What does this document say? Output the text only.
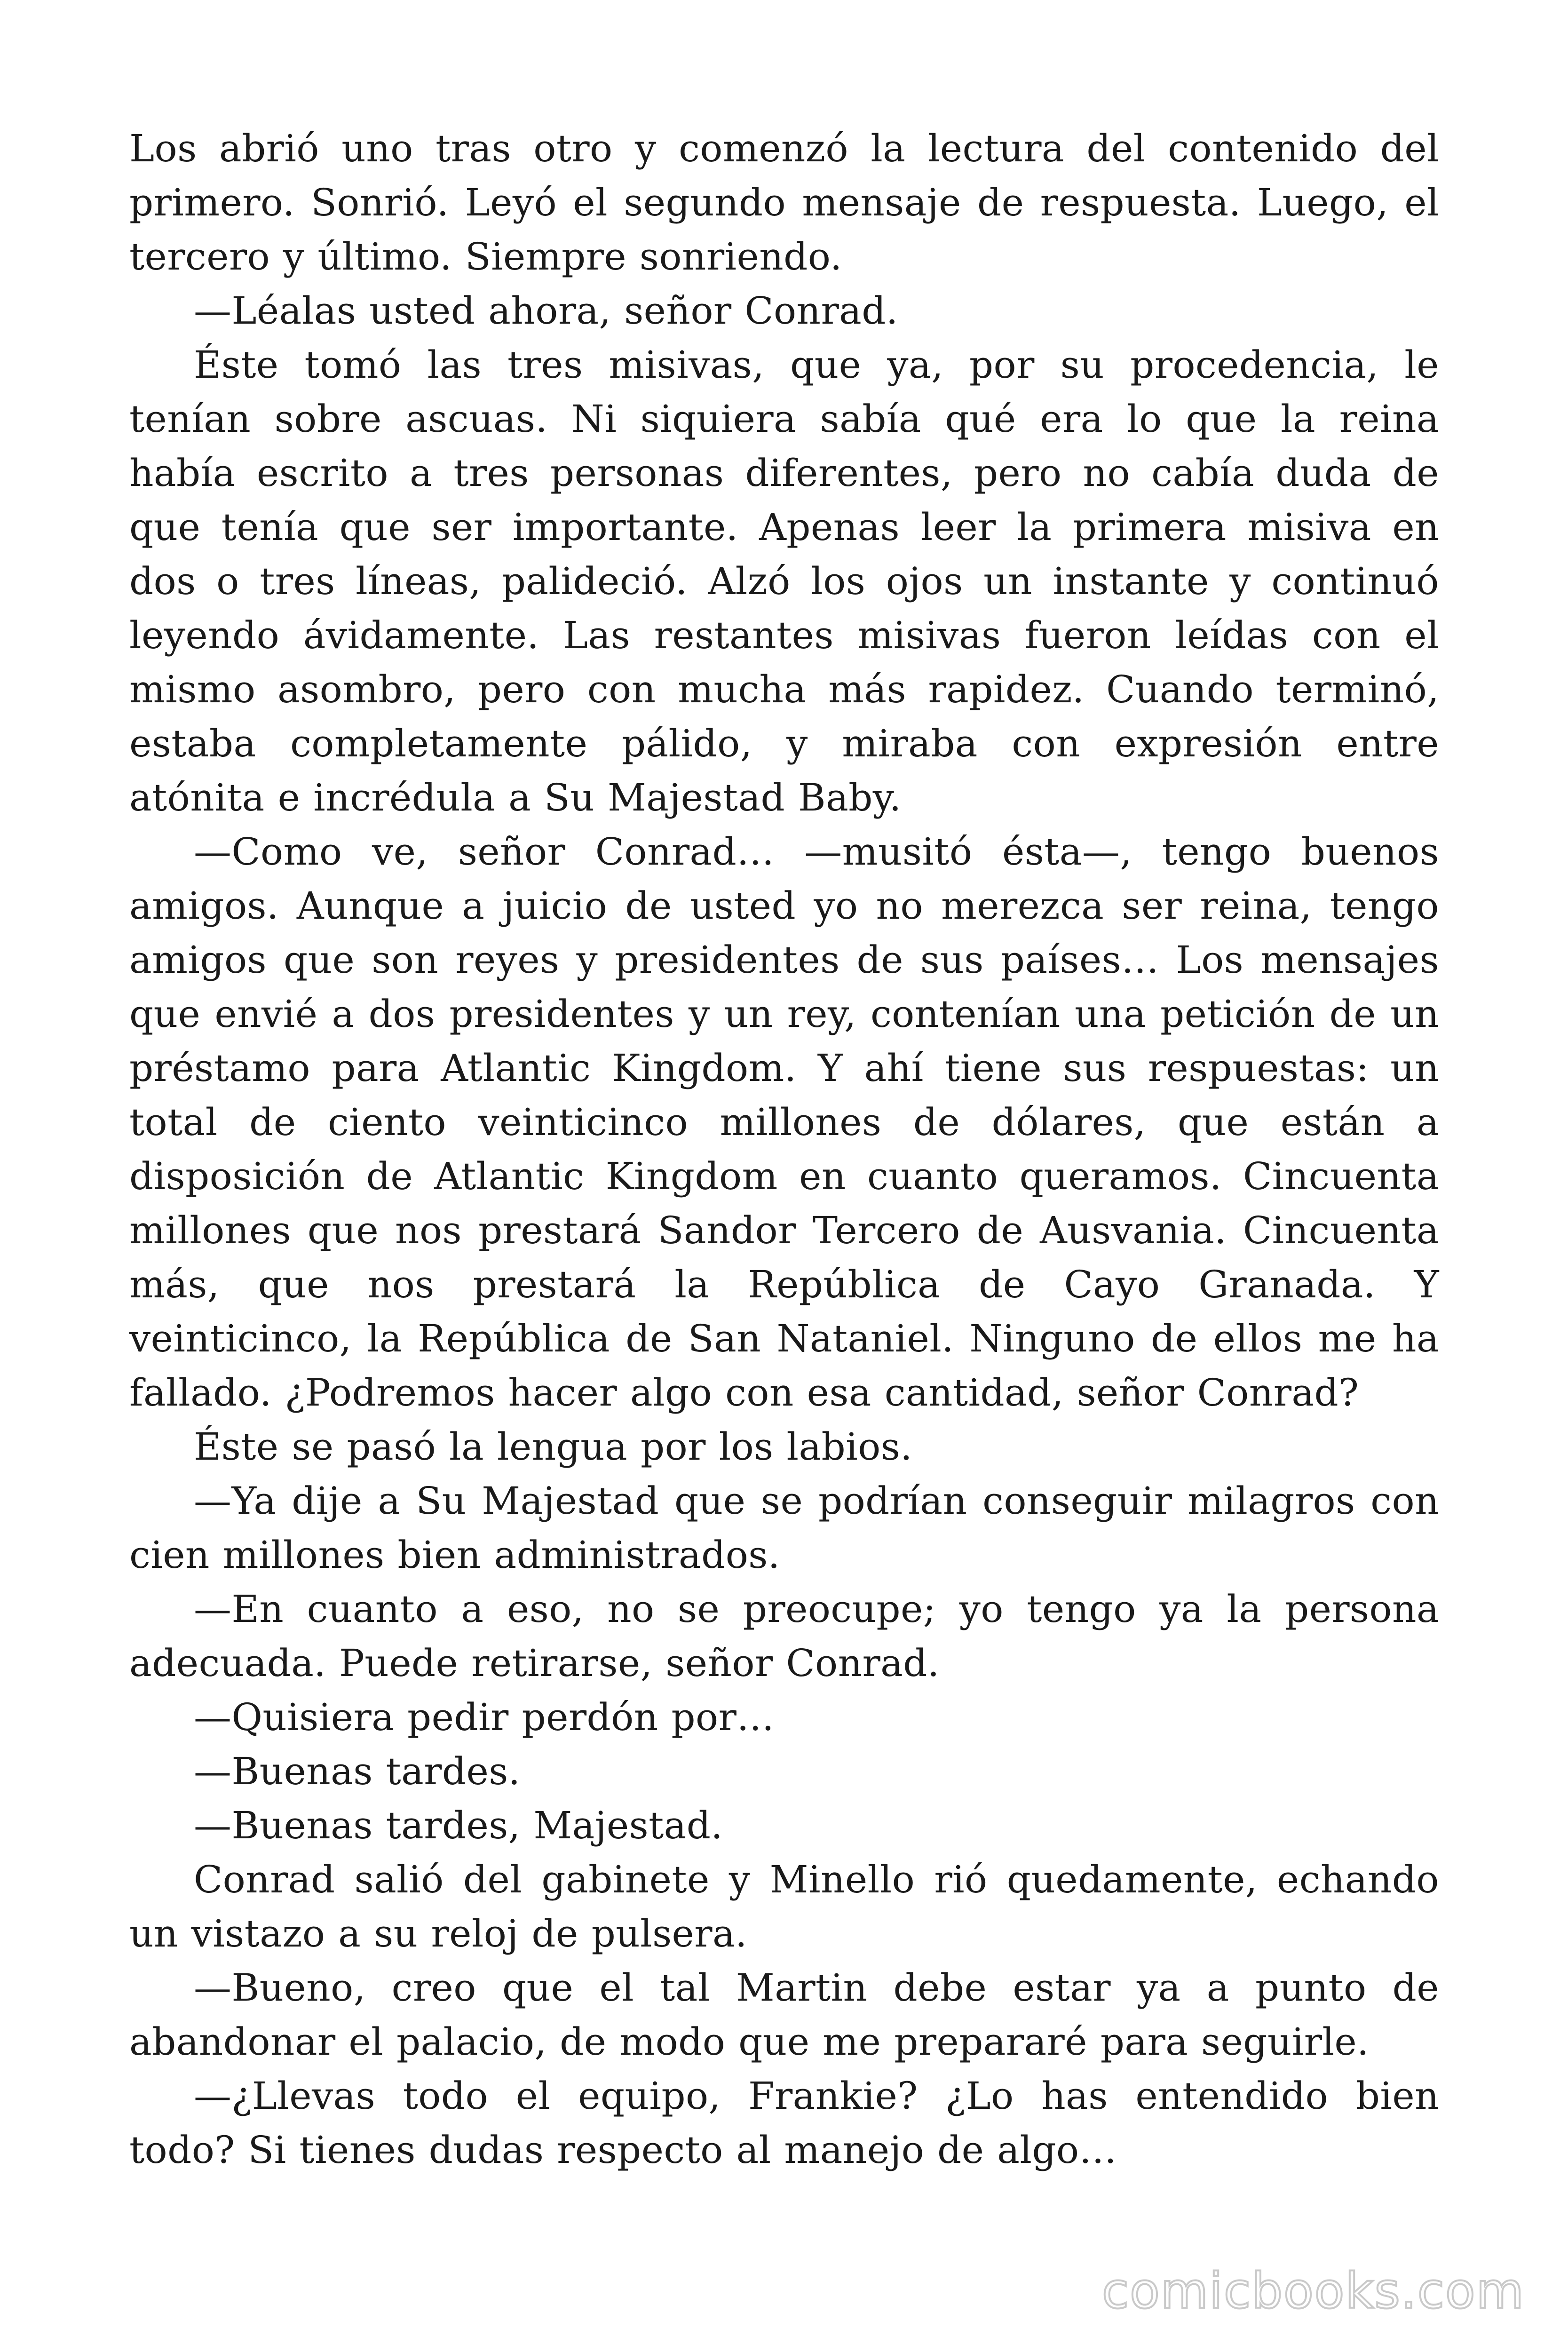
Los abrió uno tras otro y comenzó la lectura del contenido del primero. Sonrió. Leyó el segundo mensaje de respuesta. Luego, el tercero y último. Siempre sonriendo.

—Léalas usted ahora, señor Conrad.

Éste tomó las tres misivas, que ya, por su procedencia, le tenían sobre ascuas. Ni siquiera sabía qué era lo que la reina había escrito a tres personas diferentes, pero no cabía duda de que tenía que ser importante. Apenas leer la primera misiva en dos o tres líneas, palideció. Alzó los ojos un instante y continuó leyendo ávidamente. Las restantes misivas fueron leídas con el mismo asombro, pero con mucha más rapidez. Cuando terminó, estaba completamente pálido, y miraba con expresión entre atónita e incrédula a Su Majestad Baby.

—Como ve, señor Conrad… —musitó ésta—, tengo buenos amigos. Aunque a juicio de usted yo no merezca ser reina, tengo amigos que son reyes y presidentes de sus países… Los mensajes que envié a dos presidentes y un rey, contenían una petición de un préstamo para Atlantic Kingdom. Y ahí tiene sus respuestas: un total de ciento veinticinco millones de dólares, que están a disposición de Atlantic Kingdom en cuanto queramos. Cincuenta millones que nos prestará Sandor Tercero de Ausvania. Cincuenta más, que nos prestará la República de Cayo Granada. Y veinticinco, la República de San Nataniel. Ninguno de ellos me ha fallado. ¿Podremos hacer algo con esa cantidad, señor Conrad?

Éste se pasó la lengua por los labios.

—Ya dije a Su Majestad que se podrían conseguir milagros con cien millones bien administrados.

—En cuanto a eso, no se preocupe; yo tengo ya la persona adecuada. Puede retirarse, señor Conrad.

—Quisiera pedir perdón por…

—Buenas tardes.

—Buenas tardes, Majestad.

Conrad salió del gabinete y Minello rió quedamente, echando un vistazo a su reloj de pulsera.

—Bueno, creo que el tal Martin debe estar ya a punto de abandonar el palacio, de modo que me prepararé para seguirle.

—¿Llevas todo el equipo, Frankie? ¿Lo has entendido bien todo? Si tienes dudas respecto al manejo de algo…

comicbooks.com
